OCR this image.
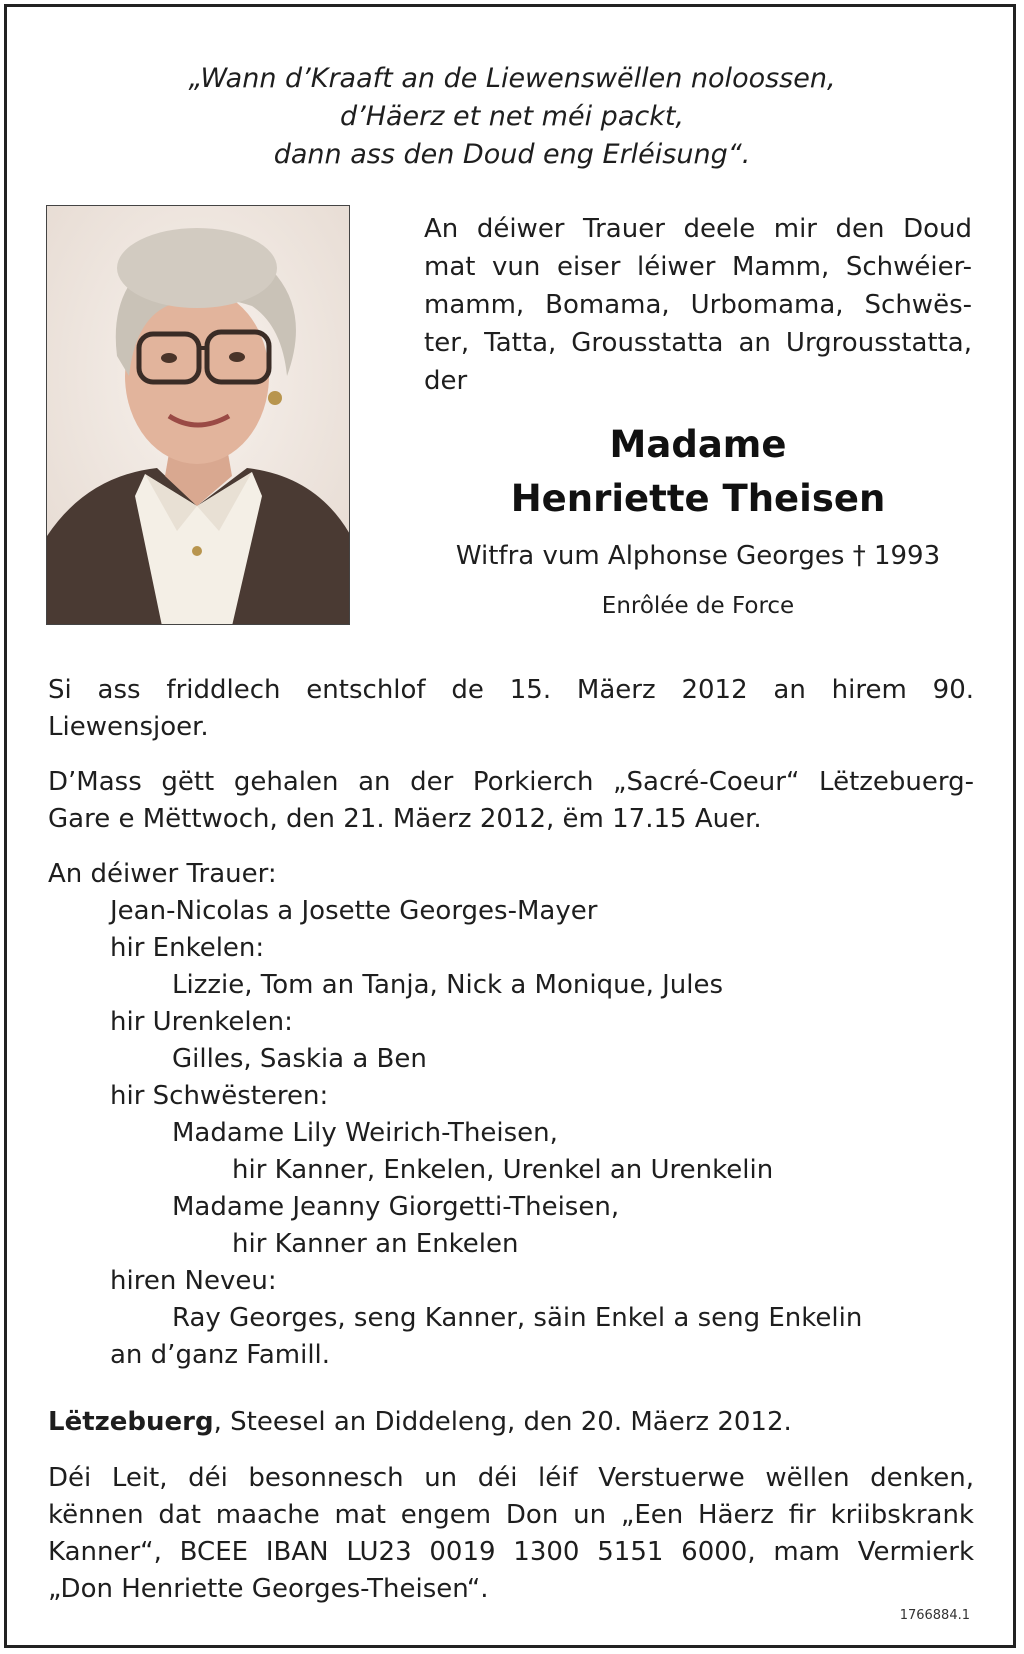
„Wann d’Kraaft an de Liewenswëllen noloossen,
d’Häerz et net méi packt,
dann ass den Doud eng Erléisung“.
An déiwer Trauer deele mir den Doud
mat vun eiser léiwer Mamm, Schwéier-
mamm, Bomama, Urbomama, Schwës-
ter, Tatta, Grousstatta an Urgrousstatta,
der
Madame
Henriette Theisen
Witfra vum Alphonse Georges † 1993
Enrôlée de Force
Si ass friddlech entschlof de 15. Mäerz 2012 an hirem 90.
Liewensjoer.
D’Mass gëtt gehalen an der Porkierch „Sacré-Coeur“ Lëtzebuerg-
Gare e Mëttwoch, den 21. Mäerz 2012, ëm 17.15 Auer.
An déiwer Trauer:
Jean-Nicolas a Josette Georges-Mayer
hir Enkelen:
Lizzie, Tom an Tanja, Nick a Monique, Jules
hir Urenkelen:
Gilles, Saskia a Ben
hir Schwësteren:
Madame Lily Weirich-Theisen,
hir Kanner, Enkelen, Urenkel an Urenkelin
Madame Jeanny Giorgetti-Theisen,
hir Kanner an Enkelen
hiren Neveu:
Ray Georges, seng Kanner, säin Enkel a seng Enkelin
an d’ganz Famill.
Lëtzebuerg, Steesel an Diddeleng, den 20. Mäerz 2012.
Déi Leit, déi besonnesch un déi léif Verstuerwe wëllen denken,
kënnen dat maache mat engem Don un „Een Häerz fir kriibskrank
Kanner“, BCEE IBAN LU23 0019 1300 5151 6000, mam Vermierk
„Don Henriette Georges-Theisen“.
1766884.1
